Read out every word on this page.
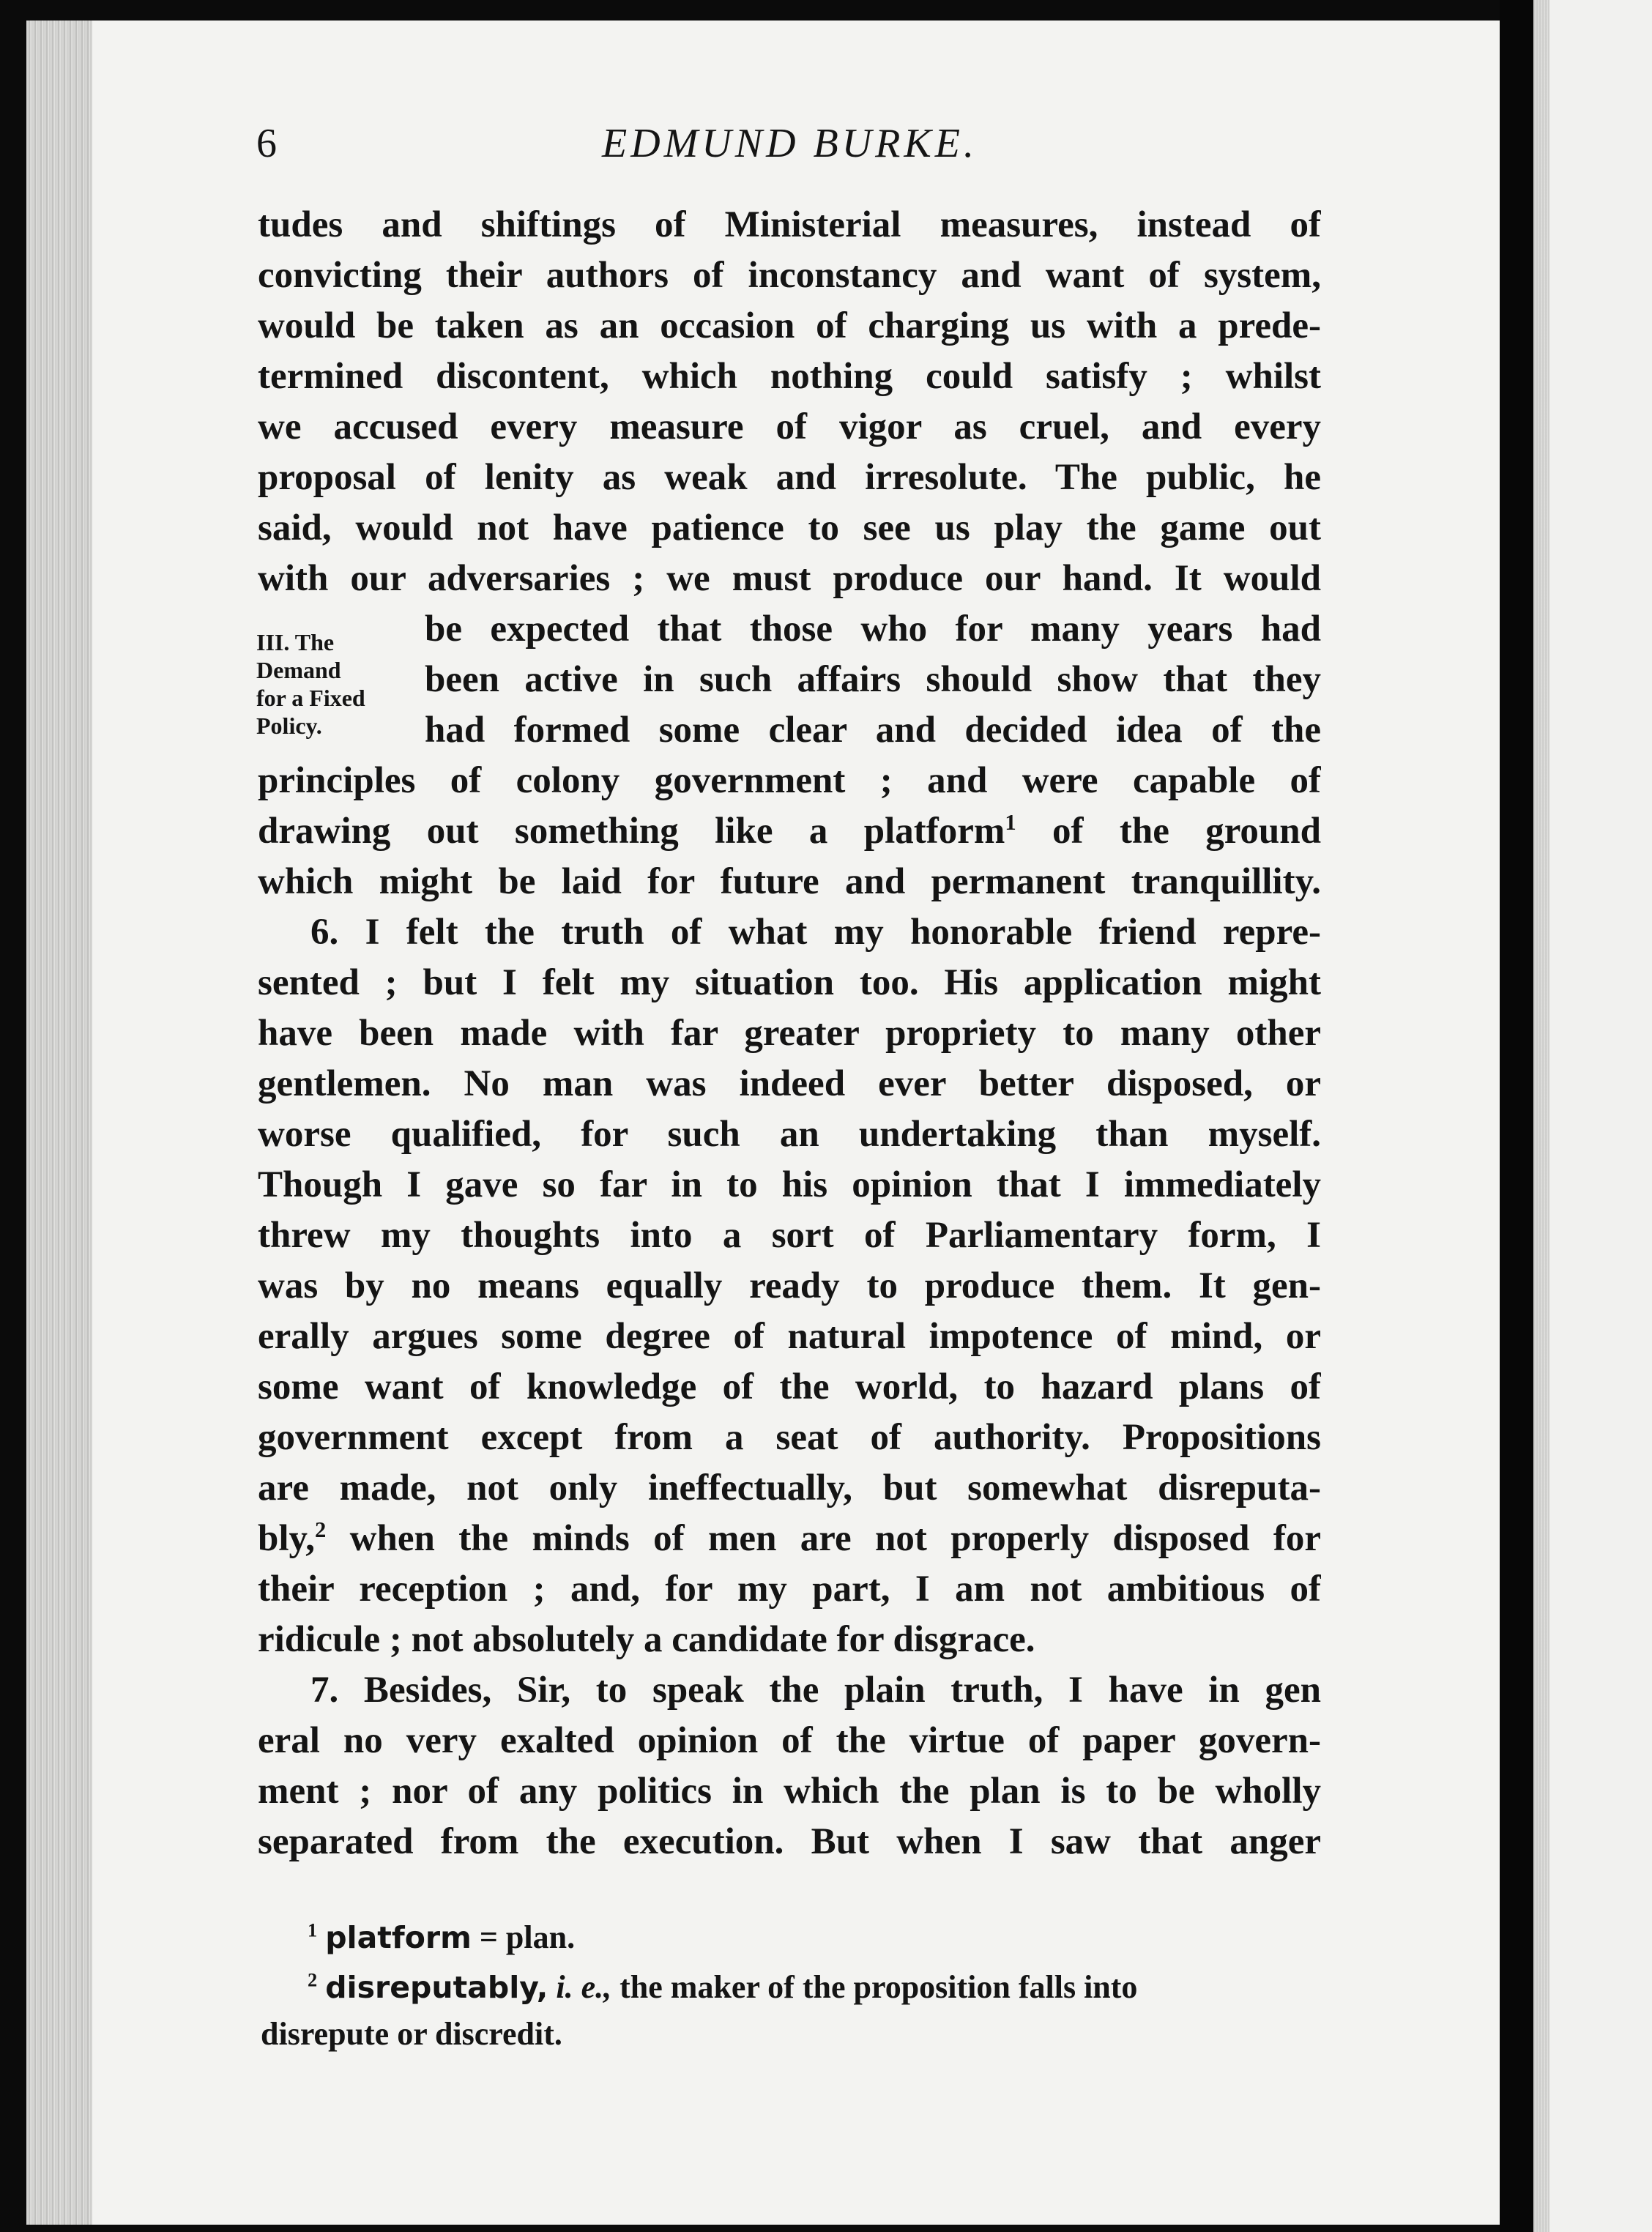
6	EDMUND BURKE.
III. The
Demand
for a Fixed
Policy.
tudes and shiftings of Ministerial measures, instead of
convicting their authors of inconstancy and want of system,
would be taken as an occasion of charging us with a prede-
termined discontent, which nothing could satisfy ; whilst
we accused every measure of vigor as cruel, and every
proposal of lenity as weak and irresolute. The public, he
said, would not have patience to see us play the game out
with our adversaries ; we must produce our hand. It would
be expected that those who for many years had
been active in such affairs should show that they
had formed some clear and decided idea of the
principles of colony government ; and were capable of
drawing out something like a platform$^1$ of the ground
which might be laid for future and permanent tranquillity.
6. I felt the truth of what my honorable friend repre-
sented ; but I felt my situation too. His application might
have been made with far greater propriety to many other
gentlemen. No man was indeed ever better disposed, or
worse qualified, for such an undertaking than myself.
Though I gave so far in to his opinion that I immediately
threw my thoughts into a sort of Parliamentary form, I
was by no means equally ready to produce them. It gen-
erally argues some degree of natural impotence of mind, or
some want of knowledge of the world, to hazard plans of
government except from a seat of authority. Propositions
are made, not only ineffectually, but somewhat disreputa-
bly,$^2$ when the minds of men are not properly disposed for
their reception ; and, for my part, I am not ambitious of
ridicule ; not absolutely a candidate for disgrace.
7. Besides, Sir, to speak the plain truth, I have in gen
eral no very exalted opinion of the virtue of paper govern-
ment ; nor of any politics in which the plan is to be wholly
separated from the execution. But when I saw that anger
$^1$ platform = plan.
$^2$ disreputably, i. e., the maker of the proposition falls into
disrepute or discredit.
